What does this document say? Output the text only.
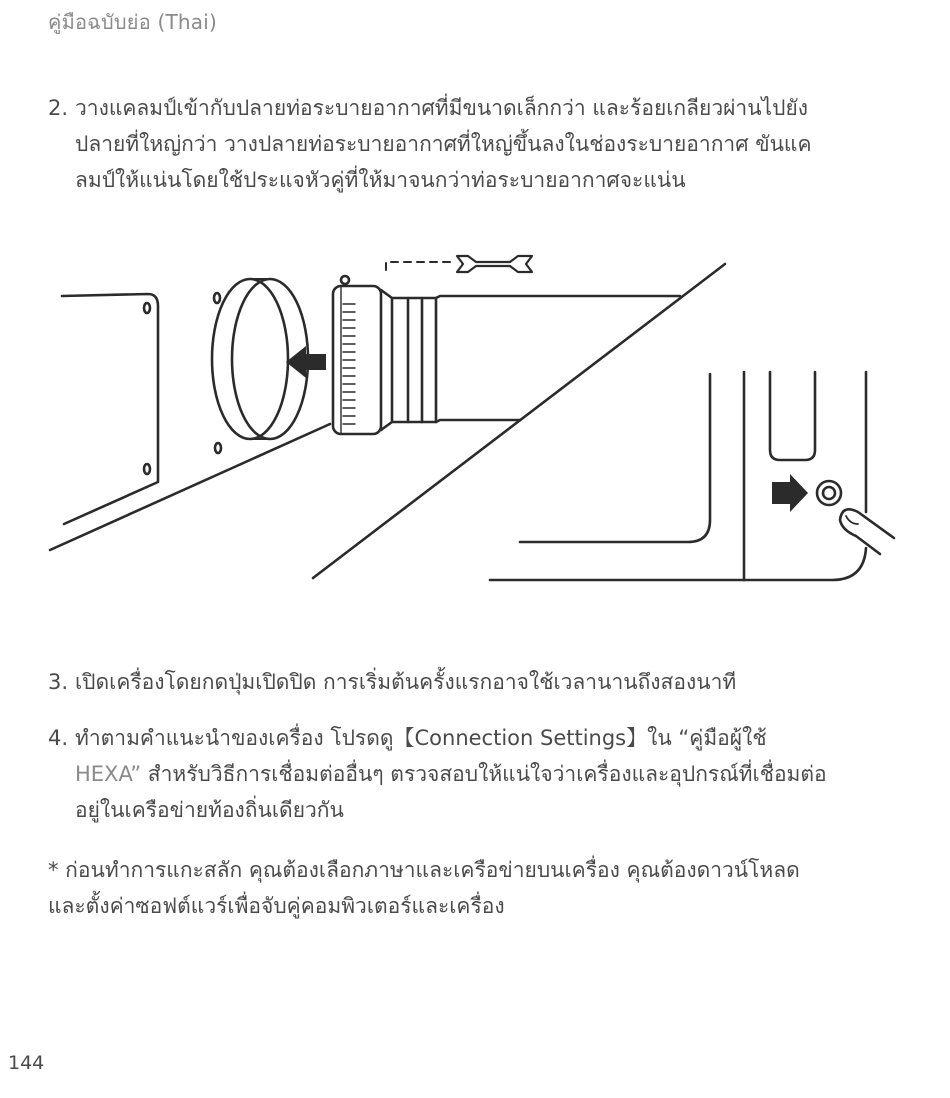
คู่มือฉบับย่อ (Thai)
2. วางแคลมป์เข้ากับปลายท่อระบายอากาศที่มีขนาดเล็กกว่า และร้อยเกลียวผ่านไปยัง
ปลายที่ใหญ่กว่า วางปลายท่อระบายอากาศที่ใหญ่ขึ้นลงในช่องระบายอากาศ ขันแค
ลมป์ให้แน่นโดยใช้ประแจหัวคู่ที่ให้มาจนกว่าท่อระบายอากาศจะแน่น
3. เปิดเครื่องโดยกดปุ่มเปิดปิด การเริ่มต้นครั้งแรกอาจใช้เวลานานถึงสองนาที
4. ทำตามคำแนะนำของเครื่อง โปรดดู【Connection Settings】ใน “คู่มือผู้ใช้
HEXA” สำหรับวิธีการเชื่อมต่ออื่นๆ ตรวจสอบให้แน่ใจว่าเครื่องและอุปกรณ์ที่เชื่อมต่อ
อยู่ในเครือข่ายท้องถิ่นเดียวกัน
* ก่อนทำการแกะสลัก คุณต้องเลือกภาษาและเครือข่ายบนเครื่อง คุณต้องดาวน์โหลด
และตั้งค่าซอฟต์แวร์เพื่อจับคู่คอมพิวเตอร์และเครื่อง
144
